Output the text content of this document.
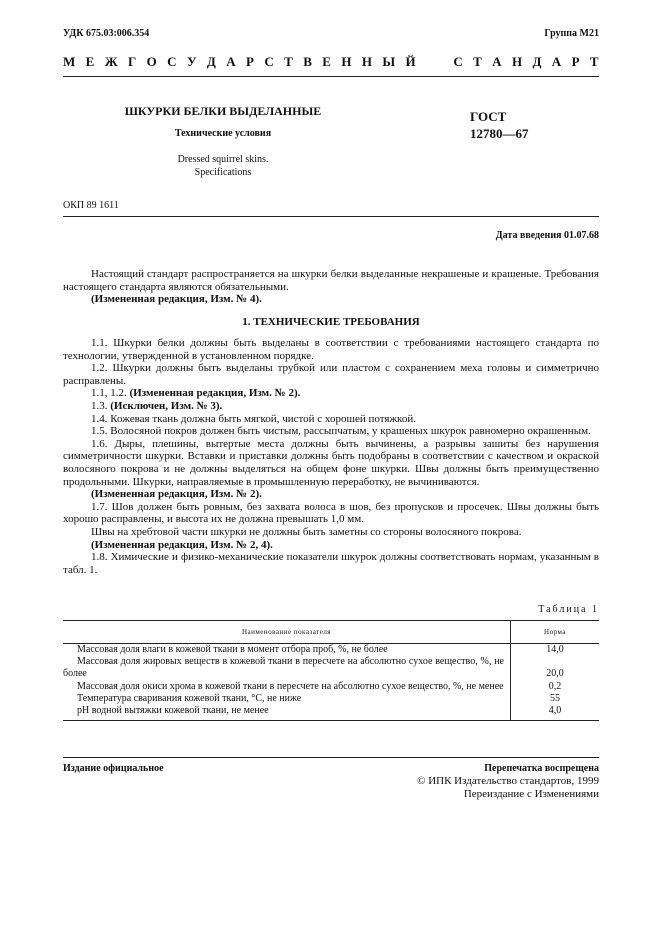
УДК 675.03:006.354	Группа М21
М Е Ж Г О С У Д А Р С Т В Е Н Н Ы Й

	С Т А Н Д А Р Т
ШКУРКИ БЕЛКИ ВЫДЕЛАННЫЕ
Технические условия
Dressed squirrel skins.
Specifications
ГОСТ
12780—67
ОКП 89 1611
Дата введения 01.07.68

Настоящий стандарт распространяется на шкурки белки выделанные некрашеные и крашеные. Требования настоящего стандарта являются обязательными.

(Измененная редакция, Изм. № 4).

1. ТЕХНИЧЕСКИЕ ТРЕБОВАНИЯ

1.1. Шкурки белки должны быть выделаны в соответствии с требованиями настоящего стандарта по технологии, утвержденной в установленном порядке.

1.2. Шкурки должны быть выделаны трубкой или пластом с сохранением меха головы и симметрично расправлены.

1.1, 1.2. (Измененная редакция, Изм. № 2).

1.3. (Исключен, Изм. № 3).

1.4. Кожевая ткань должна быть мягкой, чистой с хорошей потяжкой.

1.5. Волосяной покров должен быть чистым, рассыпчатым, у крашеных шкурок равномерно окрашенным.

1.6. Дыры, плешины, вытертые места должны быть вычинены, а разрывы зашиты без нарушения симметричности шкурки. Вставки и приставки должны быть подобраны в соответствии с качеством и окраской волосяного покрова и не должны выделяться на общем фоне шкурки. Швы должны быть преимущественно продольными. Шкурки, направляемые в промышленную переработку, не вычиниваются.

(Измененная редакция, Изм. № 2).

1.7. Шов должен быть ровным, без захвата волоса в шов, без пропусков и просечек. Швы должны быть хорошо расправлены, и высота их не должна превышать 1,0 мм.

Швы на хребтовой части шкурки не должны быть заметны со стороны волосяного покрова.

(Измененная редакция, Изм. № 2, 4).

1.8. Химические и физико-механические показатели шкурок должны соответствовать нормам, указанным в табл. 1.

Таблица 1
Наименование показателя	Норма

Массовая доля влаги в кожевой ткани в момент отбора проб, %, не более	14,0

Массовая доля жировых веществ в кожевой ткани в пересчете на абсолютно сухое вещество, %, не более	20,0

Массовая доля окиси хрома в кожевой ткани в пересчете на абсолютно сухое вещество, %, не менее	0,2

Температура сваривания кожевой ткани, °С, не ниже	55

pH водной вытяжки кожевой ткани, не менее	4,0
Издание официальное	Перепечатка воспрещена
© ИПК Издательство стандартов, 1999
Переиздание с Изменениями
